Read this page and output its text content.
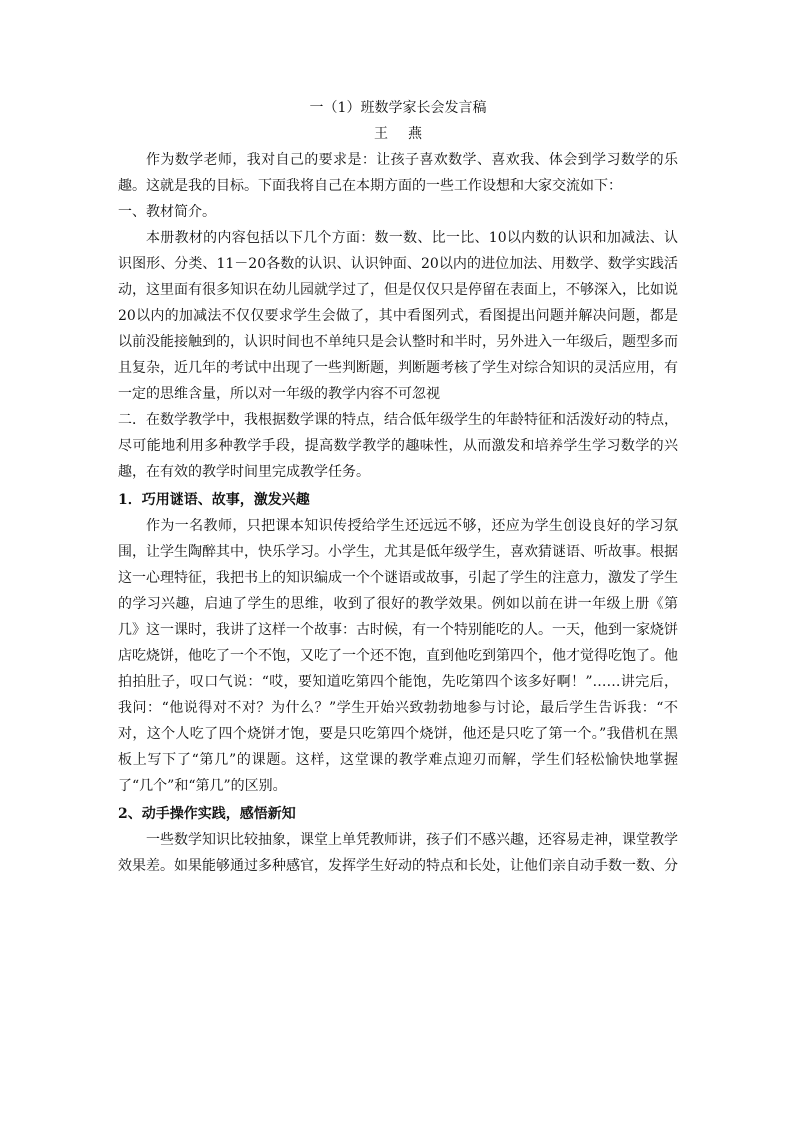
一（1）班数学家长会发言稿
王燕

作为数学老师，我对自己的要求是：让孩子喜欢数学、喜欢我、体会到学习数学的乐趣。这就是我的目标。下面我将自己在本期方面的一些工作设想和大家交流如下：

一、教材简介。

本册教材的内容包括以下几个方面：数一数、比一比、10以内数的认识和加减法、认识图形、分类、11－20各数的认识、认识钟面、20以内的进位加法、用数学、数学实践活动，这里面有很多知识在幼儿园就学过了，但是仅仅只是停留在表面上，不够深入，比如说20以内的加减法不仅仅要求学生会做了，其中看图列式，看图提出问题并解决问题，都是以前没能接触到的，认识时间也不单纯只是会认整时和半时，另外进入一年级后，题型多而且复杂，近几年的考试中出现了一些判断题，判断题考核了学生对综合知识的灵活应用，有一定的思维含量，所以对一年级的教学内容不可忽视

二．在数学教学中，我根据数学课的特点，结合低年级学生的年龄特征和活泼好动的特点，尽可能地利用多种教学手段，提高数学教学的趣味性，从而激发和培养学生学习数学的兴趣，在有效的教学时间里完成教学任务。

1．巧用谜语、故事，激发兴趣

作为一名教师，只把课本知识传授给学生还远远不够，还应为学生创设良好的学习氛围，让学生陶醉其中，快乐学习。小学生，尤其是低年级学生，喜欢猜谜语、听故事。根据这一心理特征，我把书上的知识编成一个个谜语或故事，引起了学生的注意力，激发了学生的学习兴趣，启迪了学生的思维，收到了很好的教学效果。例如以前在讲一年级上册《第几》这一课时，我讲了这样一个故事：古时候，有一个特别能吃的人。一天，他到一家烧饼店吃烧饼，他吃了一个不饱，又吃了一个还不饱，直到他吃到第四个，他才觉得吃饱了。他拍拍肚子，叹口气说：“哎，要知道吃第四个能饱，先吃第四个该多好啊！”……讲完后，我问：“他说得对不对？为什么？”学生开始兴致勃勃地参与讨论，最后学生告诉我：“不对，这个人吃了四个烧饼才饱，要是只吃第四个烧饼，他还是只吃了第一个。”我借机在黑板上写下了“第几”的课题。这样，这堂课的教学难点迎刃而解，学生们轻松愉快地掌握了“几个”和“第几”的区别。

2、动手操作实践，感悟新知

一些数学知识比较抽象，课堂上单凭教师讲，孩子们不感兴趣，还容易走神，课堂教学效果差。如果能够通过多种感官，发挥学生好动的特点和长处，让他们亲自动手数一数、分
